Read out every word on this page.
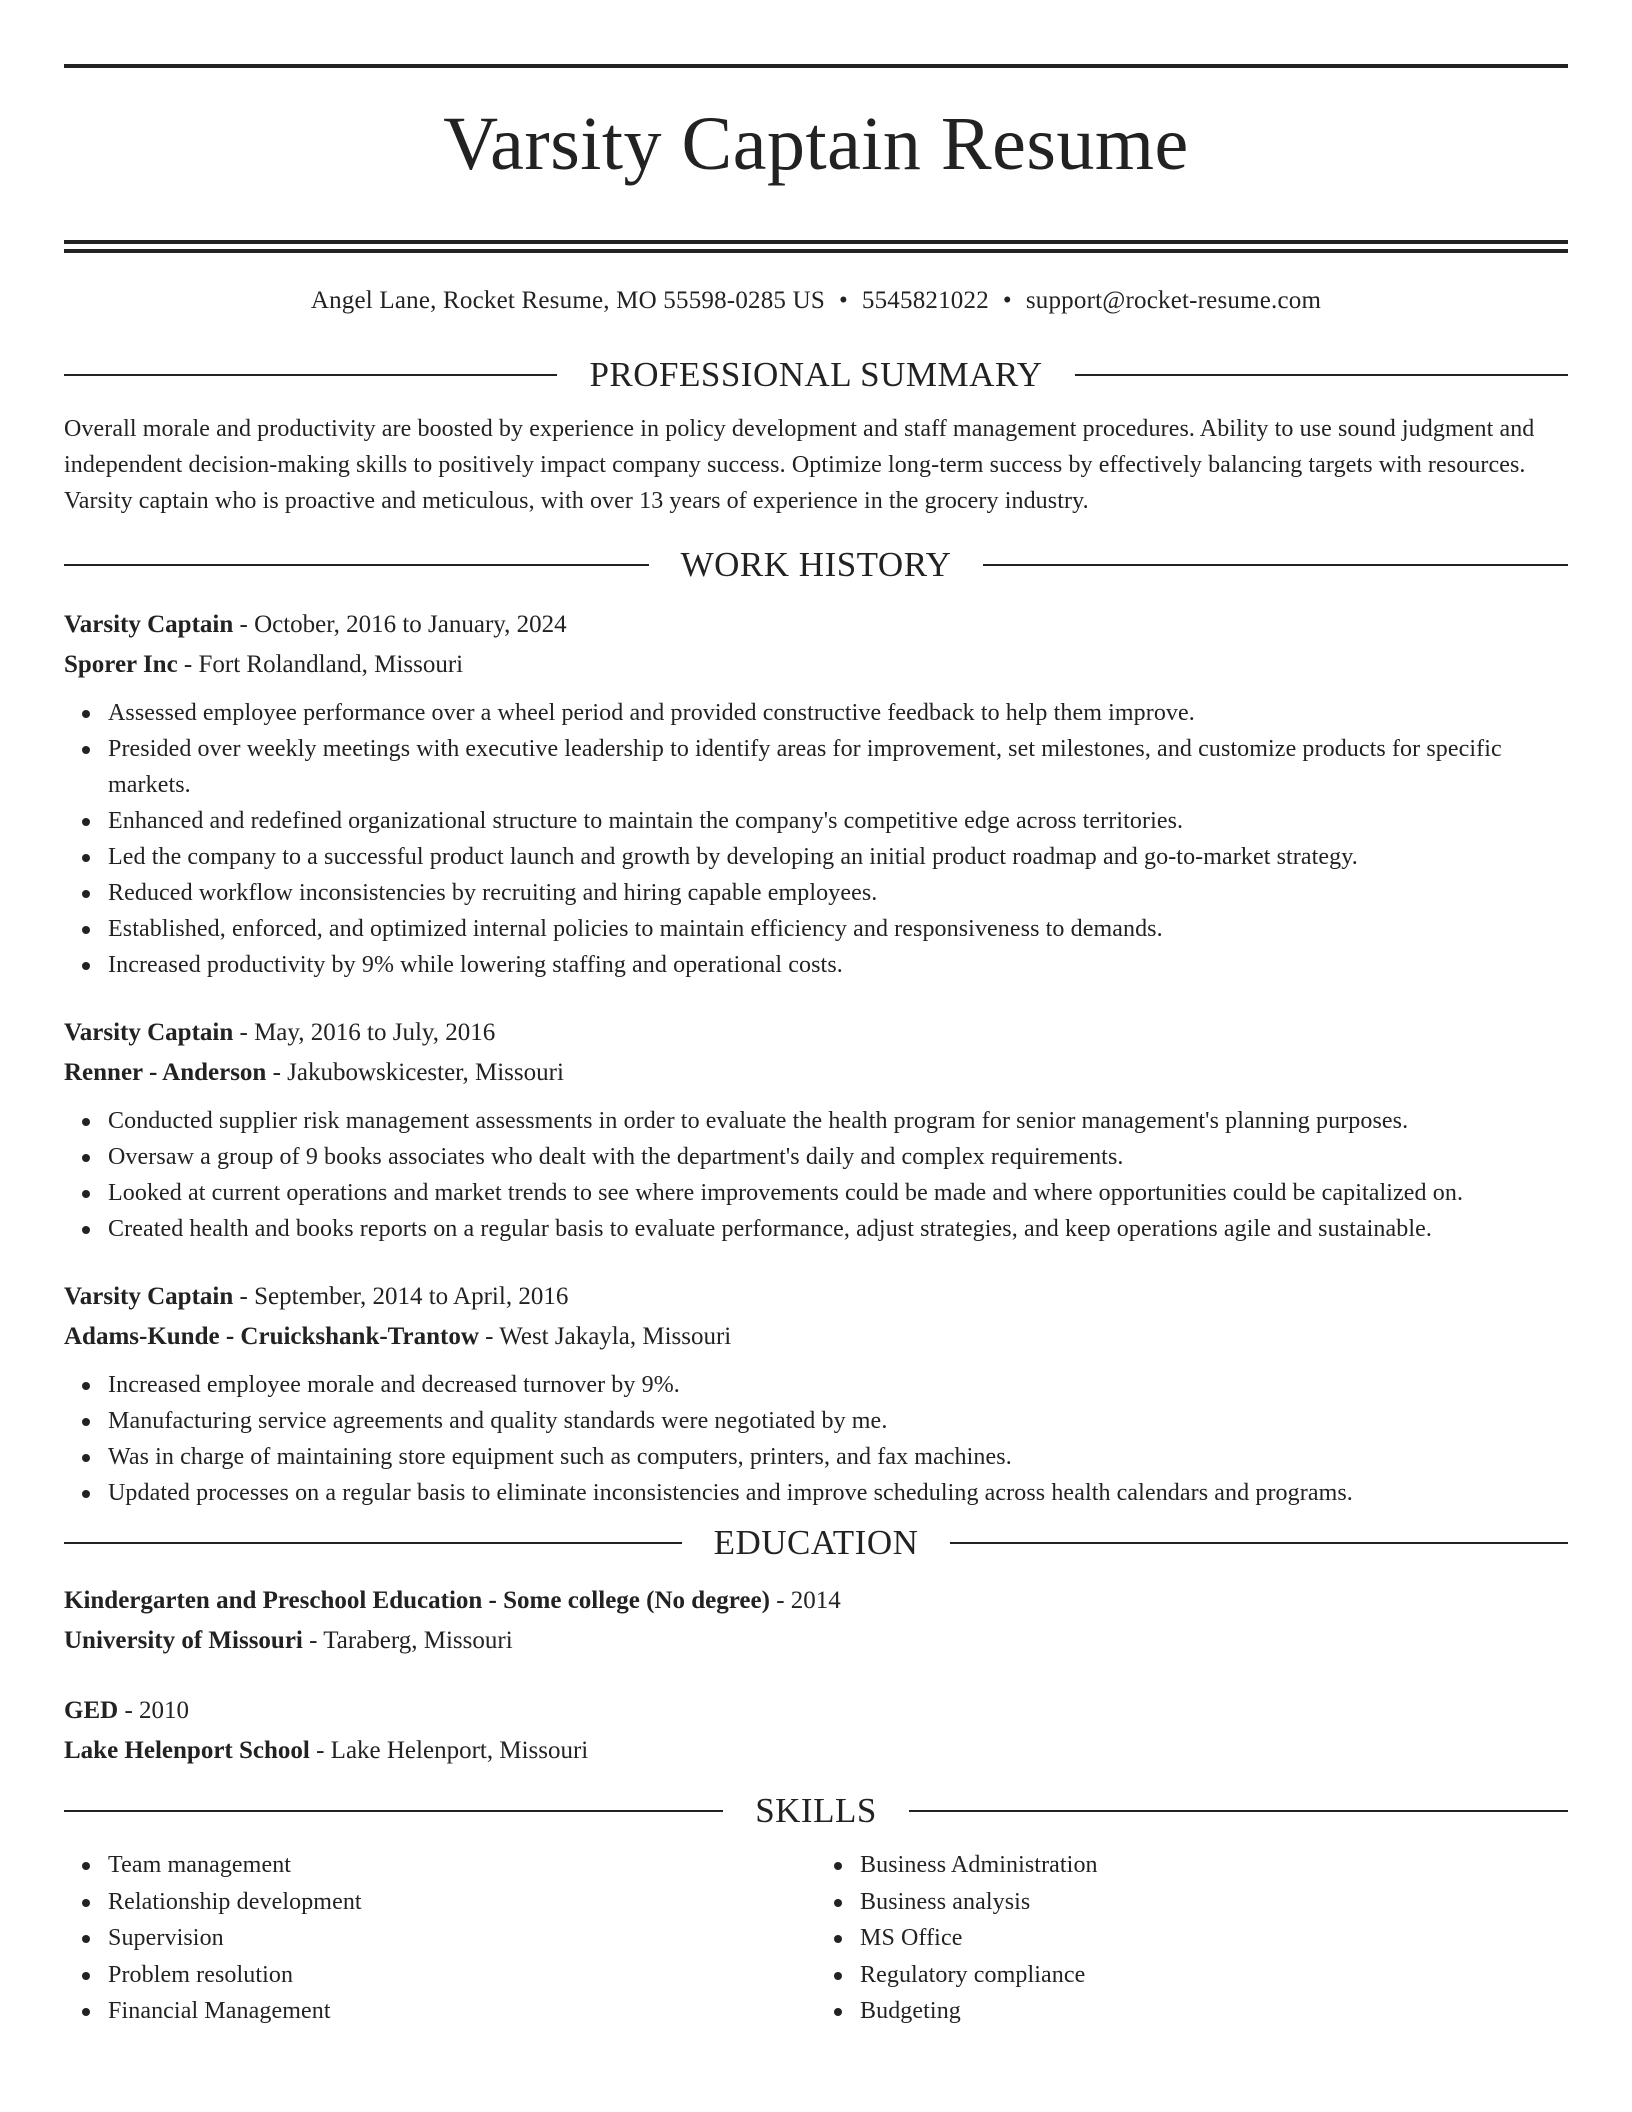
Varsity Captain Resume
Angel Lane, Rocket Resume, MO 55598-0285 US • 5545821022 • support@rocket-resume.com
PROFESSIONAL SUMMARY

Overall morale and productivity are boosted by experience in policy development and staff management procedures. Ability to use sound judgment and independent decision-making skills to positively impact company success. Optimize long-term success by effectively balancing targets with resources. Varsity captain who is proactive and meticulous, with over 13 years of experience in the grocery industry.

WORK HISTORY
Varsity Captain - October, 2016 to January, 2024
Sporer Inc - Fort Rolandland, Missouri
Assessed employee performance over a wheel period and provided constructive feedback to help them improve.
Presided over weekly meetings with executive leadership to identify areas for improvement, set milestones, and customize products for specific markets.
Enhanced and redefined organizational structure to maintain the company's competitive edge across territories.
Led the company to a successful product launch and growth by developing an initial product roadmap and go-to-market strategy.
Reduced workflow inconsistencies by recruiting and hiring capable employees.
Established, enforced, and optimized internal policies to maintain efficiency and responsiveness to demands.
Increased productivity by 9% while lowering staffing and operational costs.
Varsity Captain - May, 2016 to July, 2016
Renner - Anderson - Jakubowskicester, Missouri
Conducted supplier risk management assessments in order to evaluate the health program for senior management's planning purposes.
Oversaw a group of 9 books associates who dealt with the department's daily and complex requirements.
Looked at current operations and market trends to see where improvements could be made and where opportunities could be capitalized on.
Created health and books reports on a regular basis to evaluate performance, adjust strategies, and keep operations agile and sustainable.
Varsity Captain - September, 2014 to April, 2016
Adams-Kunde - Cruickshank-Trantow - West Jakayla, Missouri
Increased employee morale and decreased turnover by 9%.
Manufacturing service agreements and quality standards were negotiated by me.
Was in charge of maintaining store equipment such as computers, printers, and fax machines.
Updated processes on a regular basis to eliminate inconsistencies and improve scheduling across health calendars and programs.
EDUCATION
Kindergarten and Preschool Education - Some college (No degree) - 2014
University of Missouri - Taraberg, Missouri
GED - 2010
Lake Helenport School - Lake Helenport, Missouri
SKILLS
Team management
Relationship development
Supervision
Problem resolution
Financial Management
Business Administration
Business analysis
MS Office
Regulatory compliance
Budgeting
